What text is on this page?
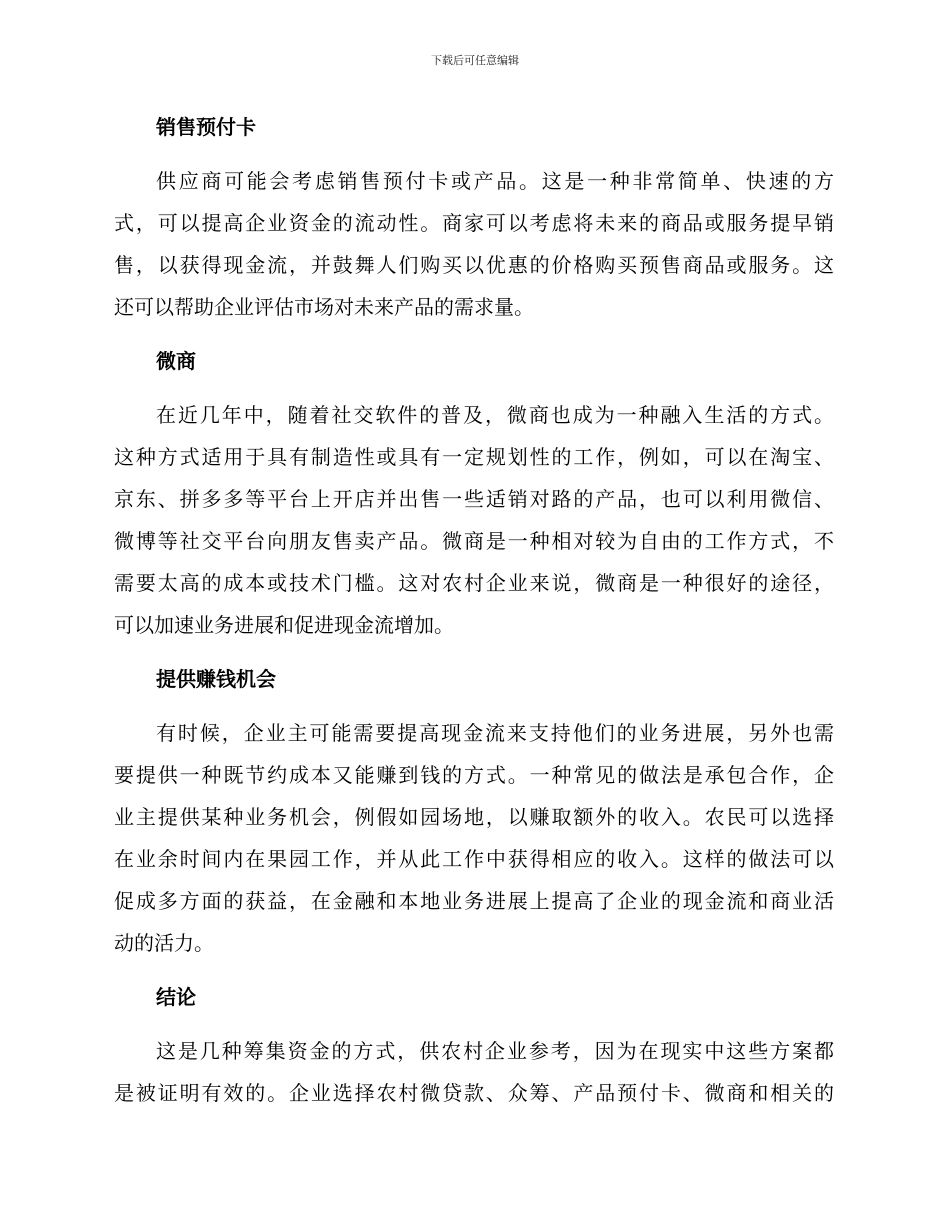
下载后可任意编辑
销售预付卡
供应商可能会考虑销售预付卡或产品。这是一种非常简单、快速的方
式，可以提高企业资金的流动性。商家可以考虑将未来的商品或服务提早销
售，以获得现金流，并鼓舞人们购买以优惠的价格购买预售商品或服务。这
还可以帮助企业评估市场对未来产品的需求量。
微商
在近几年中，随着社交软件的普及，微商也成为一种融入生活的方式。
这种方式适用于具有制造性或具有一定规划性的工作，例如，可以在淘宝、
京东、拼多多等平台上开店并出售一些适销对路的产品，也可以利用微信、
微博等社交平台向朋友售卖产品。微商是一种相对较为自由的工作方式，不
需要太高的成本或技术门槛。这对农村企业来说，微商是一种很好的途径，
可以加速业务进展和促进现金流增加。
提供赚钱机会
有时候，企业主可能需要提高现金流来支持他们的业务进展，另外也需
要提供一种既节约成本又能赚到钱的方式。一种常见的做法是承包合作，企
业主提供某种业务机会，例假如园场地，以赚取额外的收入。农民可以选择
在业余时间内在果园工作，并从此工作中获得相应的收入。这样的做法可以
促成多方面的获益，在金融和本地业务进展上提高了企业的现金流和商业活
动的活力。
结论
这是几种筹集资金的方式，供农村企业参考，因为在现实中这些方案都
是被证明有效的。企业选择农村微贷款、众筹、产品预付卡、微商和相关的
